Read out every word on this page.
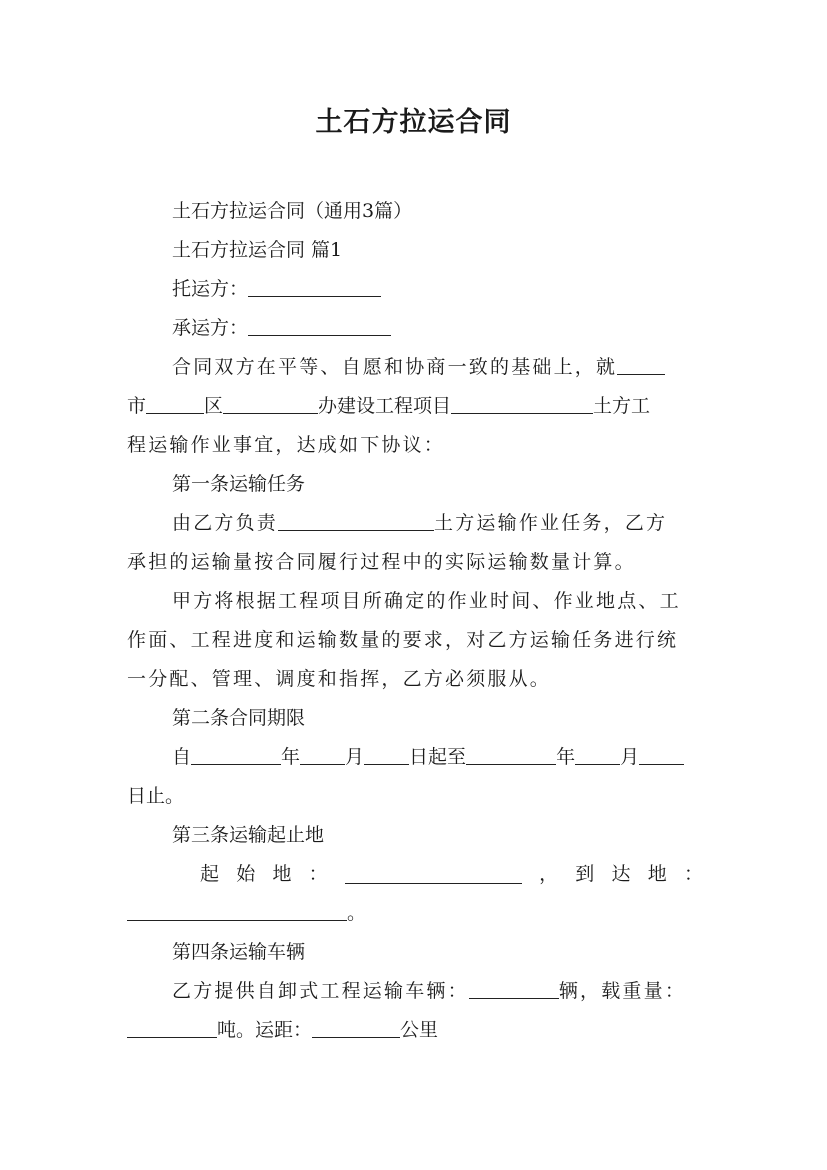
土石方拉运合同
土石方拉运合同（通用3篇）
土石方拉运合同 篇1
托运方：
承运方：
合同双方在平等、自愿和协商一致的基础上，就
市	区	办建设工程项目	土方工
程运输作业事宜，达成如下协议：
第一条运输任务
由乙方负责	土方运输作业任务，乙方
承担的运输量按合同履行过程中的实际运输数量计算。
甲方将根据工程项目所确定的作业时间、作业地点、工
作面、工程进度和运输数量的要求，对乙方运输任务进行统
一分配、管理、调度和指挥，乙方必须服从。
第二条合同期限
自	年 月 日起至	年 月
日止。
第三条运输起止地
起 始 地 ：	， 到 达 地 ：
。
第四条运输车辆
乙方提供自卸式工程运输车辆：	辆，载重量：
吨。运距：	公里
